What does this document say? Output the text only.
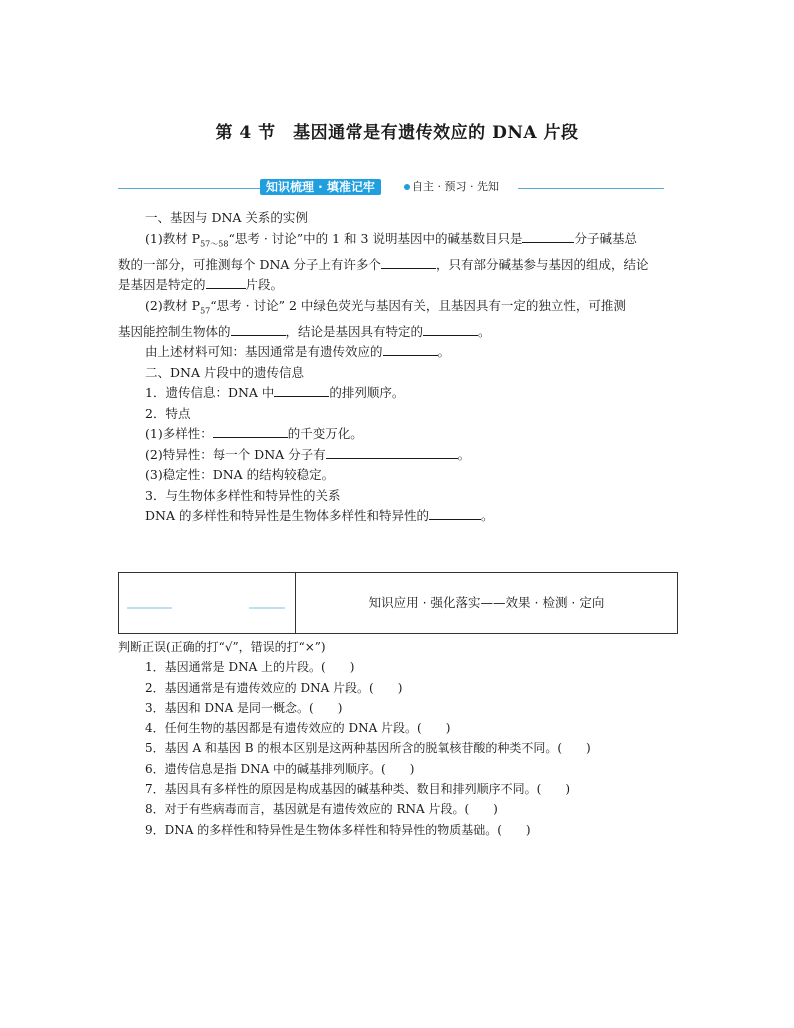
第 4 节　基因通常是有遗传效应的 DNA 片段
知识梳理 · 填准记牢	自主 · 预习 · 先知

一、基因与 DNA 关系的实例

(1)教材 $P_{57\sim 58}“$思考 · 讨论”中的 1 和 3 说明基因中的碱基数目只是	分子碱基总

数的一部分，可推测每个 DNA 分子上有许多个	，只有部分碱基参与基因的组成，结论

是基因是特定的	片段。

(2)教材 $P_{57}“$思考 · 讨论” 2 中绿色荧光与基因有关，且基因具有一定的独立性，可推测

基因能控制生物体的	，结论是基因具有特定的	。

由上述材料可知：基因通常是有遗传效应的	。

二、DNA 片段中的遗传信息

1．遗传信息：DNA 中	的排列顺序。

2．特点

(1)多样性：	的千变万化。

(2)特异性：每一个 DNA 分子有	。

(3)稳定性：DNA 的结构较稳定。

3．与生物体多样性和特异性的关系

DNA 的多样性和特异性是生物体多样性和特异性的	。

知识应用 · 强化落实——效果 · 检测 · 定向

判断正误(正确的打“√”，错误的打“×”)

1．基因通常是 DNA 上的片段。(　　)

2．基因通常是有遗传效应的 DNA 片段。(　　)

3．基因和 DNA 是同一概念。(　　)

4．任何生物的基因都是有遗传效应的 DNA 片段。(　　)

5．基因 A 和基因 B 的根本区别是这两种基因所含的脱氧核苷酸的种类不同。(　　)

6．遗传信息是指 DNA 中的碱基排列顺序。(　　)

7．基因具有多样性的原因是构成基因的碱基种类、数目和排列顺序不同。(　　)

8．对于有些病毒而言，基因就是有遗传效应的 RNA 片段。(　　)

9．DNA 的多样性和特异性是生物体多样性和特异性的物质基础。(　　)
